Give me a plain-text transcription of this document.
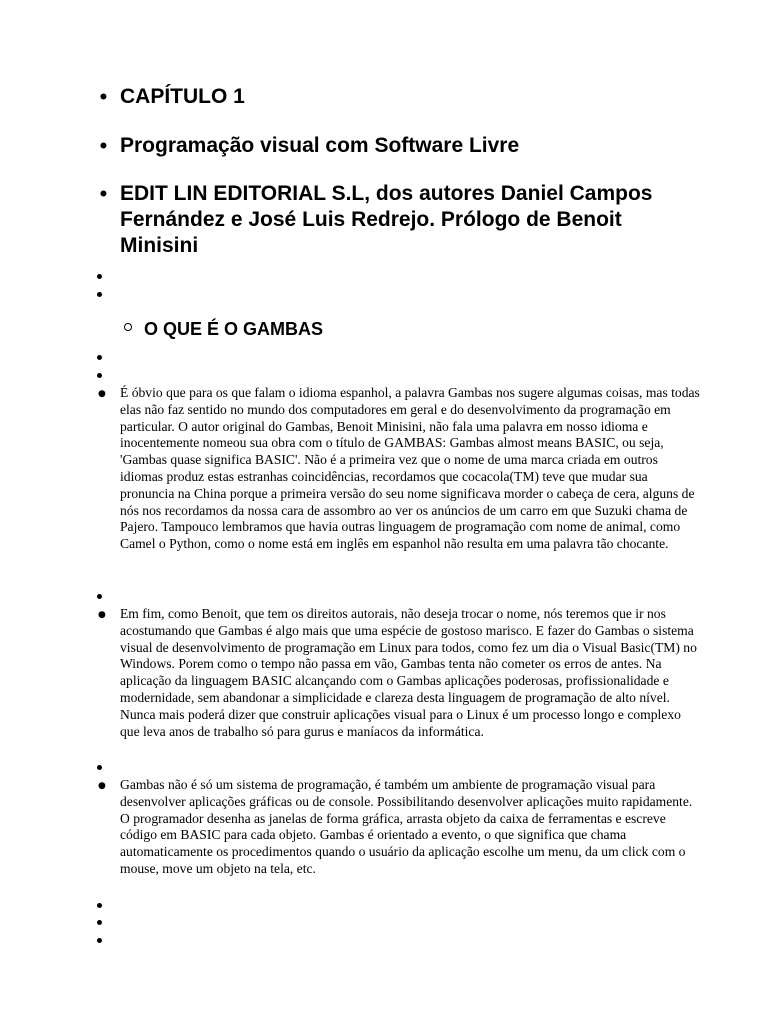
• CAPÍTULO 1
• Programação visual com Software Livre
• EDIT LIN EDITORIAL S.L, dos autores Daniel Campos Fernández e José Luis Redrejo. Prólogo de Benoit Minisini
O QUE É O GAMBAS
● É óbvio que para os que falam o idioma espanhol, a palavra Gambas nos sugere algumas coisas, mas todas elas não faz sentido no mundo dos computadores em geral e do desenvolvimento da programação em particular. O autor original do Gambas, Benoit Minisini, não fala uma palavra em nosso idioma e inocentemente nomeou sua obra com o título de GAMBAS: Gambas almost means BASIC, ou seja, 'Gambas quase significa BASIC'. Não é a primeira vez que o nome de uma marca criada em outros idiomas produz estas estranhas coincidências, recordamos que cocacola(TM) teve que mudar sua pronuncia na China porque a primeira versão do seu nome significava morder o cabeça de cera, alguns de nós nos recordamos da nossa cara de assombro ao ver os anúncios de um carro em que Suzuki chama de Pajero. Tampouco lembramos que havia outras linguagem de programação com nome de animal, como Camel o Python, como o nome está em inglês em espanhol não resulta em uma palavra tão chocante.
● Em fim, como Benoit, que tem os direitos autorais, não deseja trocar o nome, nós teremos que ir nos acostumando que Gambas é algo mais que uma espécie de gostoso marisco. E fazer do Gambas o sistema visual de desenvolvimento de programação em Linux para todos, como fez um dia o Visual Basic(TM) no Windows. Porem como o tempo não passa em vão, Gambas tenta não cometer os erros de antes. Na aplicação da linguagem BASIC alcançando com o Gambas aplicações poderosas, profissionalidade e modernidade, sem abandonar a simplicidade e clareza desta linguagem de programação de alto nível. Nunca mais poderá dizer que construir aplicações visual para o Linux é um processo longo e complexo que leva anos de trabalho só para gurus e maníacos da informática.
● Gambas não é só um sistema de programação, é também um ambiente de programação visual para desenvolver aplicações gráficas ou de console. Possibilitando desenvolver aplicações muito rapidamente. O programador desenha as janelas de forma gráfica, arrasta objeto da caixa de ferramentas e escreve código em BASIC para cada objeto. Gambas é orientado a evento, o que significa que chama automaticamente os procedimentos quando o usuário da aplicação escolhe um menu, da um click com o mouse, move um objeto na tela, etc.
